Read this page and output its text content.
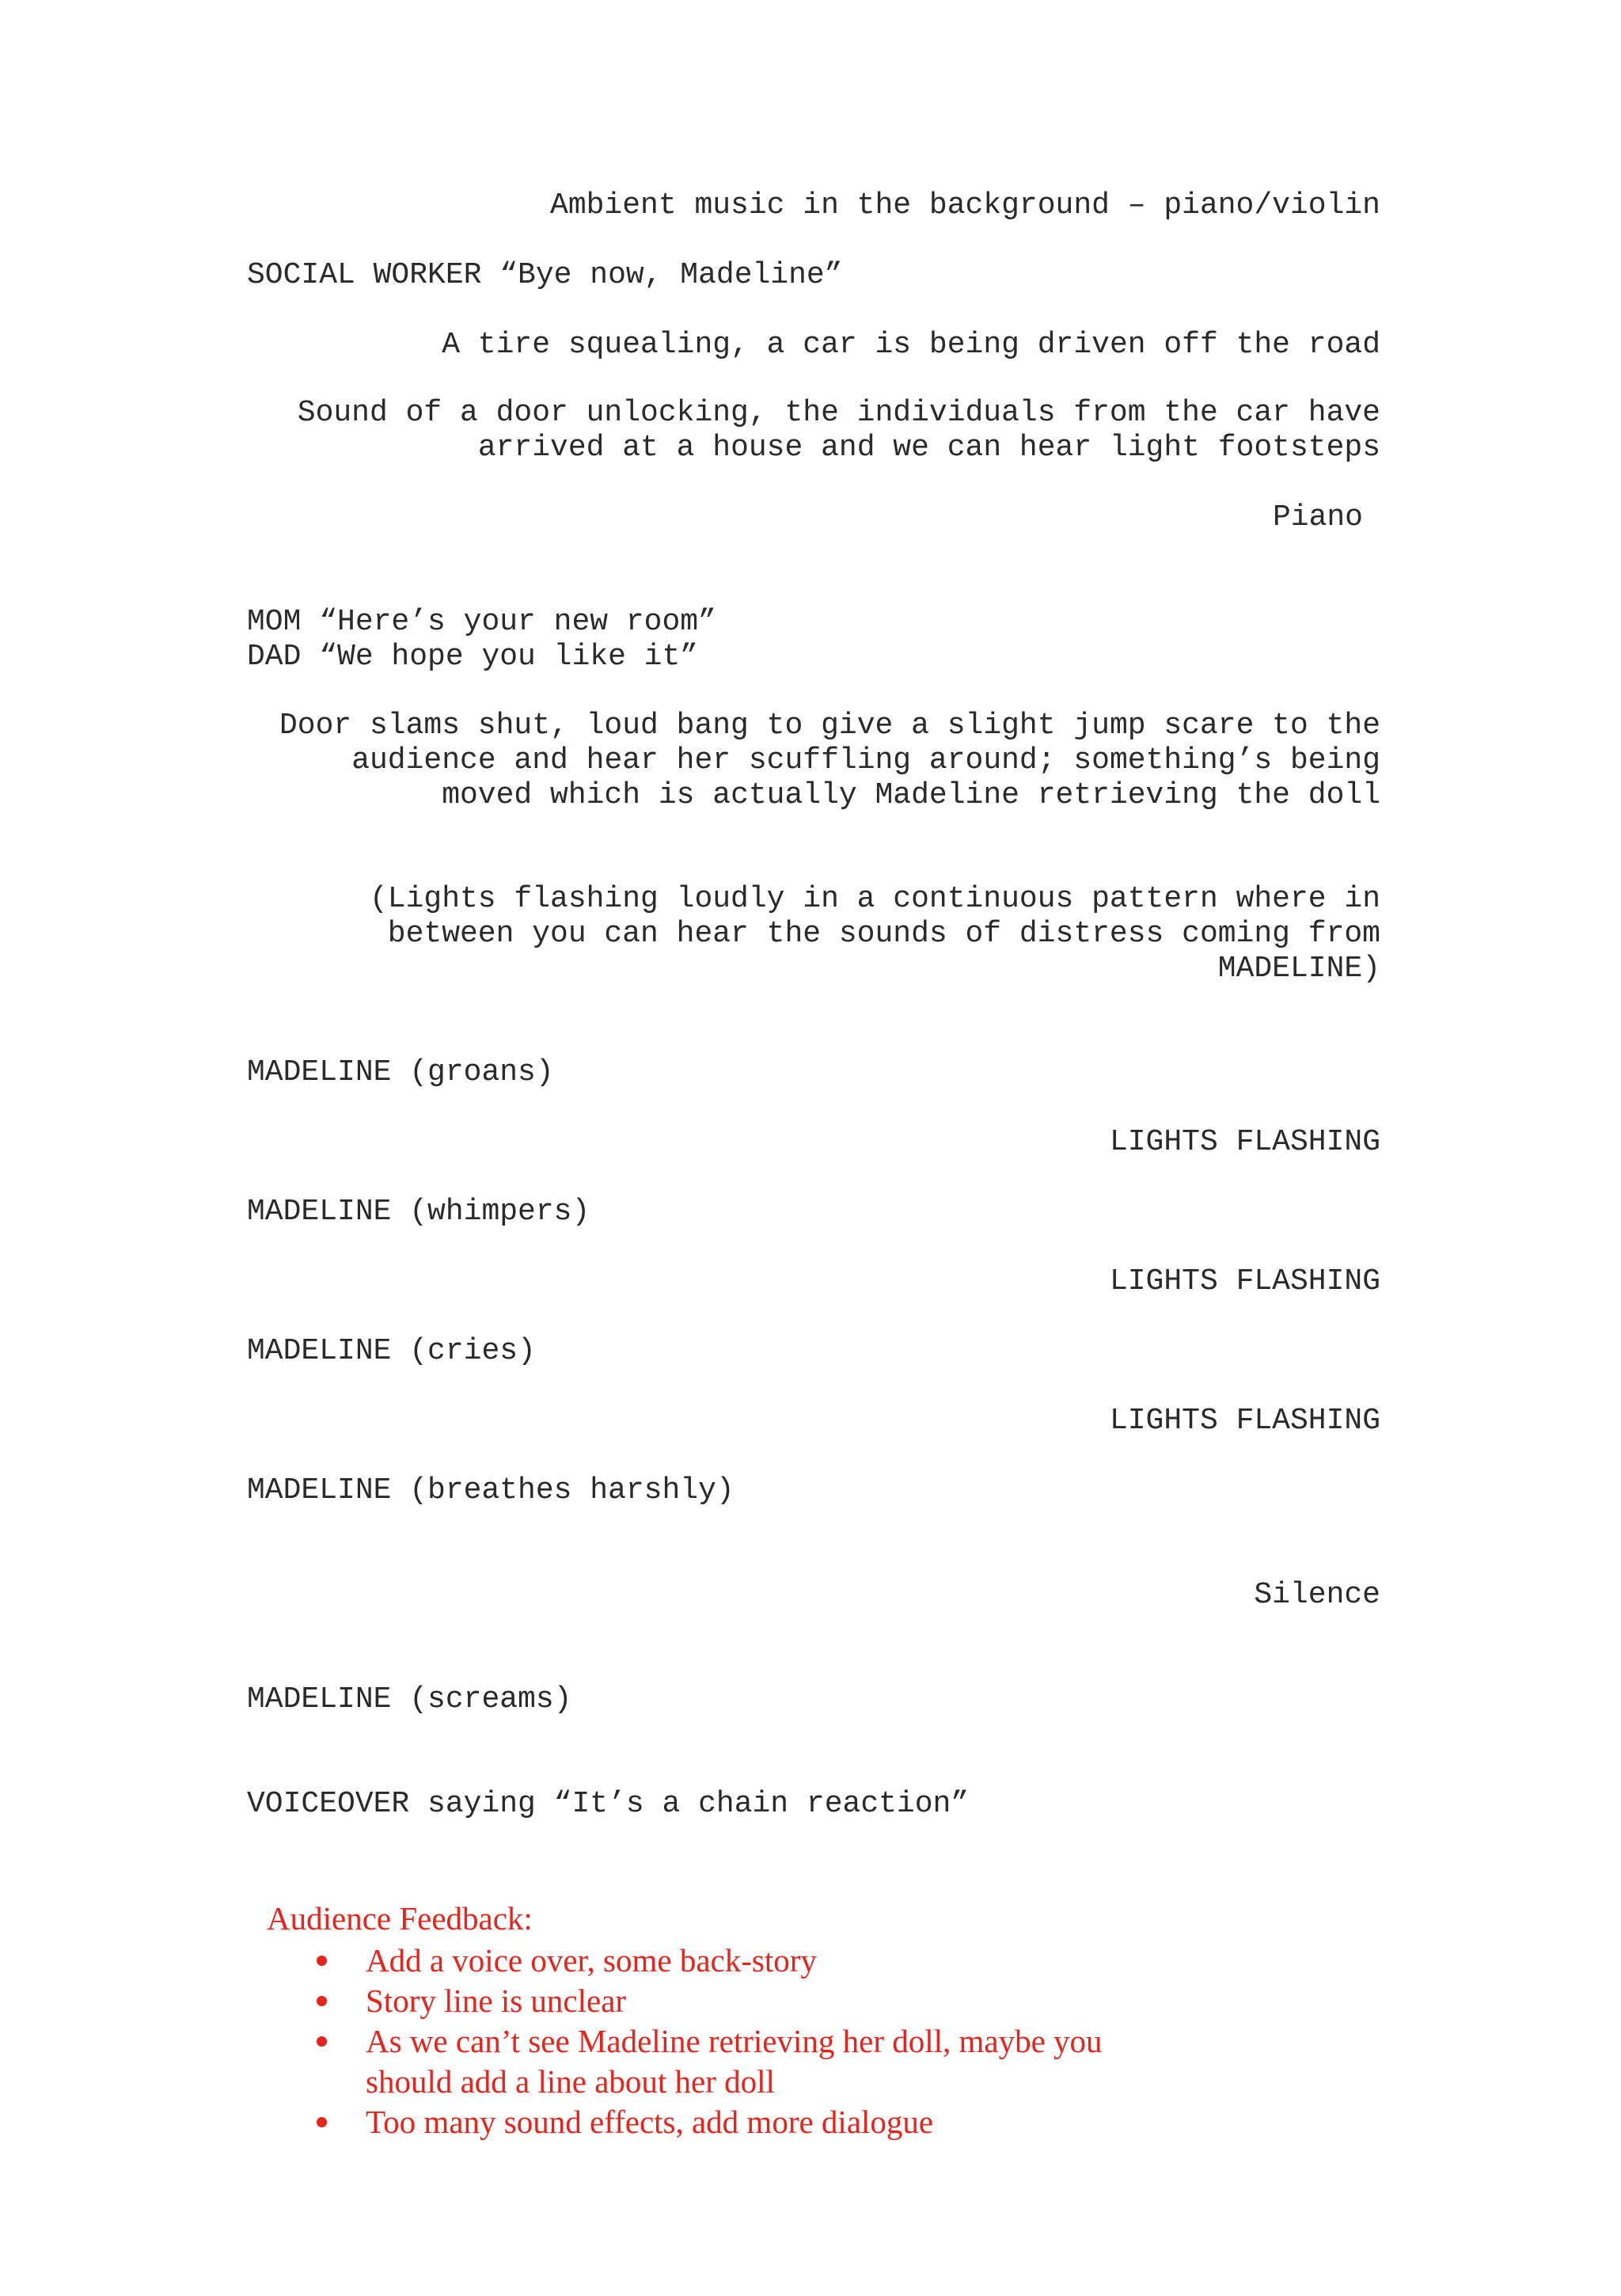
Ambient music in the background – piano/violin

SOCIAL WORKER “Bye now, Madeline”

A tire squealing, a car is being driven off the road

Sound of a door unlocking, the individuals from the car have

arrived at a house and we can hear light footsteps

Piano

MOM “Here’s your new room”

DAD “We hope you like it”

Door slams shut, loud bang to give a slight jump scare to the

audience and hear her scuffling around; something’s being

moved which is actually Madeline retrieving the doll

(Lights flashing loudly in a continuous pattern where in

between you can hear the sounds of distress coming from

MADELINE)

MADELINE (groans)

LIGHTS FLASHING

MADELINE (whimpers)

LIGHTS FLASHING

MADELINE (cries)

LIGHTS FLASHING

MADELINE (breathes harshly)

Silence

MADELINE (screams)

VOICEOVER saying “It’s a chain reaction”

Audience Feedback:

Add a voice over, some back-story
Story line is unclear
As we can’t see Madeline retrieving her doll, maybe you
should add a line about her doll
Too many sound effects, add more dialogue
